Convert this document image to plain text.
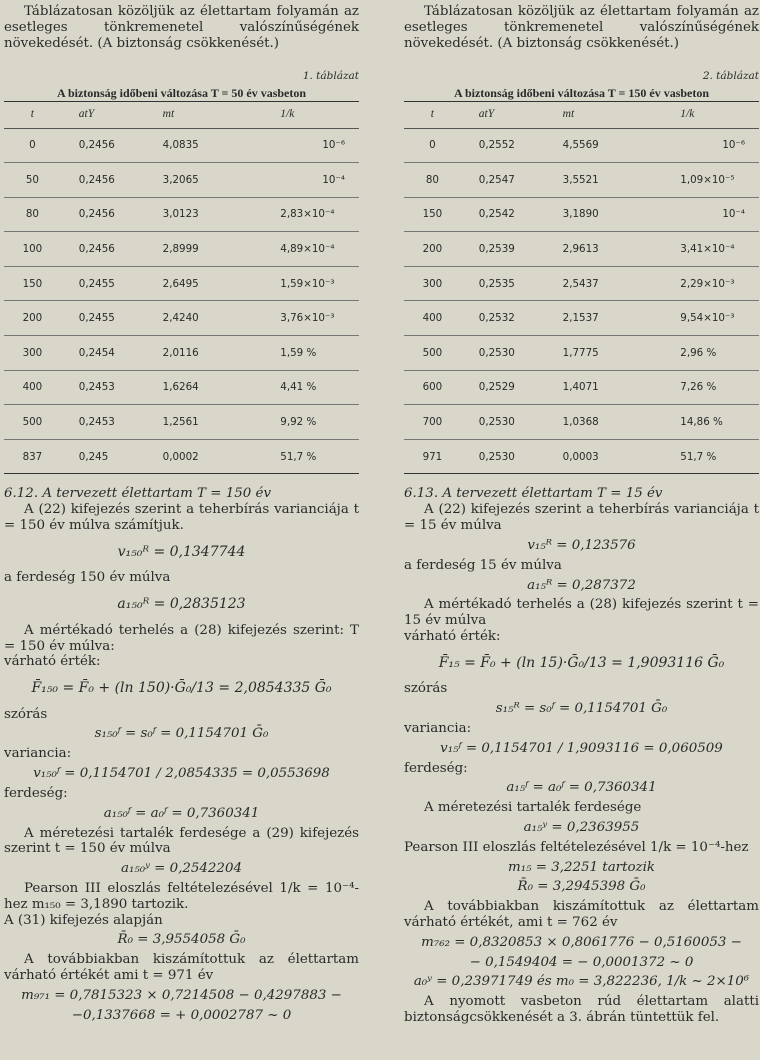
Táblázatosan közöljük az élettartam folyamán az esetleges tönkremenetel valószínűségének növekedését. (A biztonság csökkenését.)
1. táblázat
A biztonság időbeni változása T = 50 év vasbeton
t	atY	mt	1/k
0	0,2456	4,0835	10⁻⁶
50	0,2456	3,2065	10⁻⁴
80	0,2456	3,0123	2,83×10⁻⁴
100	0,2456	2,8999	4,89×10⁻⁴
150	0,2455	2,6495	1,59×10⁻³
200	0,2455	2,4240	3,76×10⁻³
300	0,2454	2,0116	1,59 %
400	0,2453	1,6264	4,41 %
500	0,2453	1,2561	9,92 %
837	0,245	0,0002	51,7 %
6.12. A tervezett élettartam T = 150 év

A (22) kifejezés szerint a teherbírás varianciája t = 150 év múlva számítjuk.

v₁₅₀ᴿ = 0,1347744

a ferdeség 150 év múlva

a₁₅₀ᴿ = 0,2835123

A mértékadó terhelés a (28) kifejezés szerint: T = 150 év múlva:

várható érték:

F̄₁₅₀ = F̄₀ + (ln 150)·Ḡ₀/13 = 2,0854335 Ḡ₀

szórás

s₁₅₀ᶠ = s₀ᶠ = 0,1154701 Ḡ₀

variancia:

v₁₅₀ᶠ = 0,1154701 / 2,0854335 = 0,0553698

ferdeség:

a₁₅₀ᶠ = a₀ᶠ = 0,7360341

A méretezési tartalék ferdesége a (29) kifejezés szerint t = 150 év múlva

a₁₅₀ʸ = 0,2542204

Pearson III eloszlás feltételezésével 1/k = 10⁻⁴-hez m₁₅₀ = 3,1890 tartozik.

A (31) kifejezés alapján

R̄₀ = 3,9554058 Ḡ₀

A továbbiakban kiszámítottuk az élettartam várható értékét ami t = 971 év

m₉₇₁ = 0,7815323 × 0,7214508 − 0,4297883 −
−0,1337668 = + 0,0002787 ~ 0
Táblázatosan közöljük az élettartam folyamán az esetleges tönkremenetel valószínűségének növekedését. (A biztonság csökkenését.)
2. táblázat
A biztonság időbeni változása T = 150 év vasbeton
t	atY	mt	1/k
0	0,2552	4,5569	10⁻⁶
80	0,2547	3,5521	1,09×10⁻⁵
150	0,2542	3,1890	10⁻⁴
200	0,2539	2,9613	3,41×10⁻⁴
300	0,2535	2,5437	2,29×10⁻³
400	0,2532	2,1537	9,54×10⁻³
500	0,2530	1,7775	2,96 %
600	0,2529	1,4071	7,26 %
700	0,2530	1,0368	14,86 %
971	0,2530	0,0003	51,7 %
6.13. A tervezett élettartam T = 15 év

A (22) kifejezés szerint a teherbírás varianciája t = 15 év múlva

v₁₅ᴿ = 0,123576

a ferdeség 15 év múlva

a₁₅ᴿ = 0,287372

A mértékadó terhelés a (28) kifejezés szerint t = 15 év múlva

várható érték:

F̄₁₅ = F̄₀ + (ln 15)·Ḡ₀/13 = 1,9093116 Ḡ₀

szórás

s₁₅ᴿ = s₀ᶠ = 0,1154701 Ḡ₀

variancia:

v₁₅ᶠ = 0,1154701 / 1,9093116 = 0,060509

ferdeség:

a₁₅ᶠ = a₀ᶠ = 0,7360341

A méretezési tartalék ferdesége

a₁₅ʸ = 0,2363955

Pearson III eloszlás feltételezésével 1/k = 10⁻⁴-hez

m₁₅ = 3,2251 tartozik
R̄₀ = 3,2945398 Ḡ₀

A továbbiakban kiszámítottuk az élettartam várható értékét, ami t = 762 év

m₇₆₂ = 0,8320853 × 0,8061776 − 0,5160053 −
− 0,1549404 = − 0,0001372 ~ 0
a₀ʸ = 0,23971749 és m₀ = 3,822236, 1/k ~ 2×10⁶

A nyomott vasbeton rúd élettartam alatti biztonságcsökkenését a 3. ábrán tüntettük fel.
